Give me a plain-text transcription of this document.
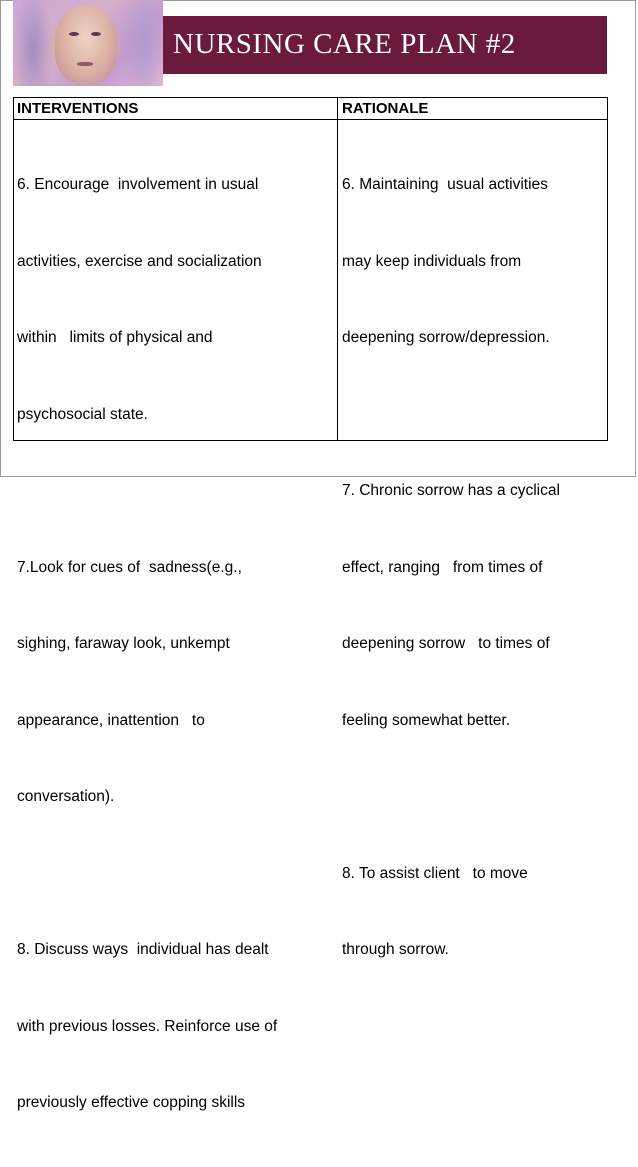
NURSING CARE PLAN #2
INTERVENTIONS	RATIONALE

6. Encourage  involvement in usual

activities, exercise and socialization

within   limits of physical and

psychosocial state.

7.Look for cues of  sadness(e.g.,

sighing, faraway look, unkempt

appearance, inattention   to

conversation).

8. Discuss ways  individual has dealt

with previous losses. Reinforce use of

previously effective copping skills

6. Maintaining  usual activities

may keep individuals from

deepening sorrow/depression.

7. Chronic sorrow has a cyclical

effect, ranging   from times of

deepening sorrow   to times of

feeling somewhat better.

8. To assist client   to move

through sorrow.
